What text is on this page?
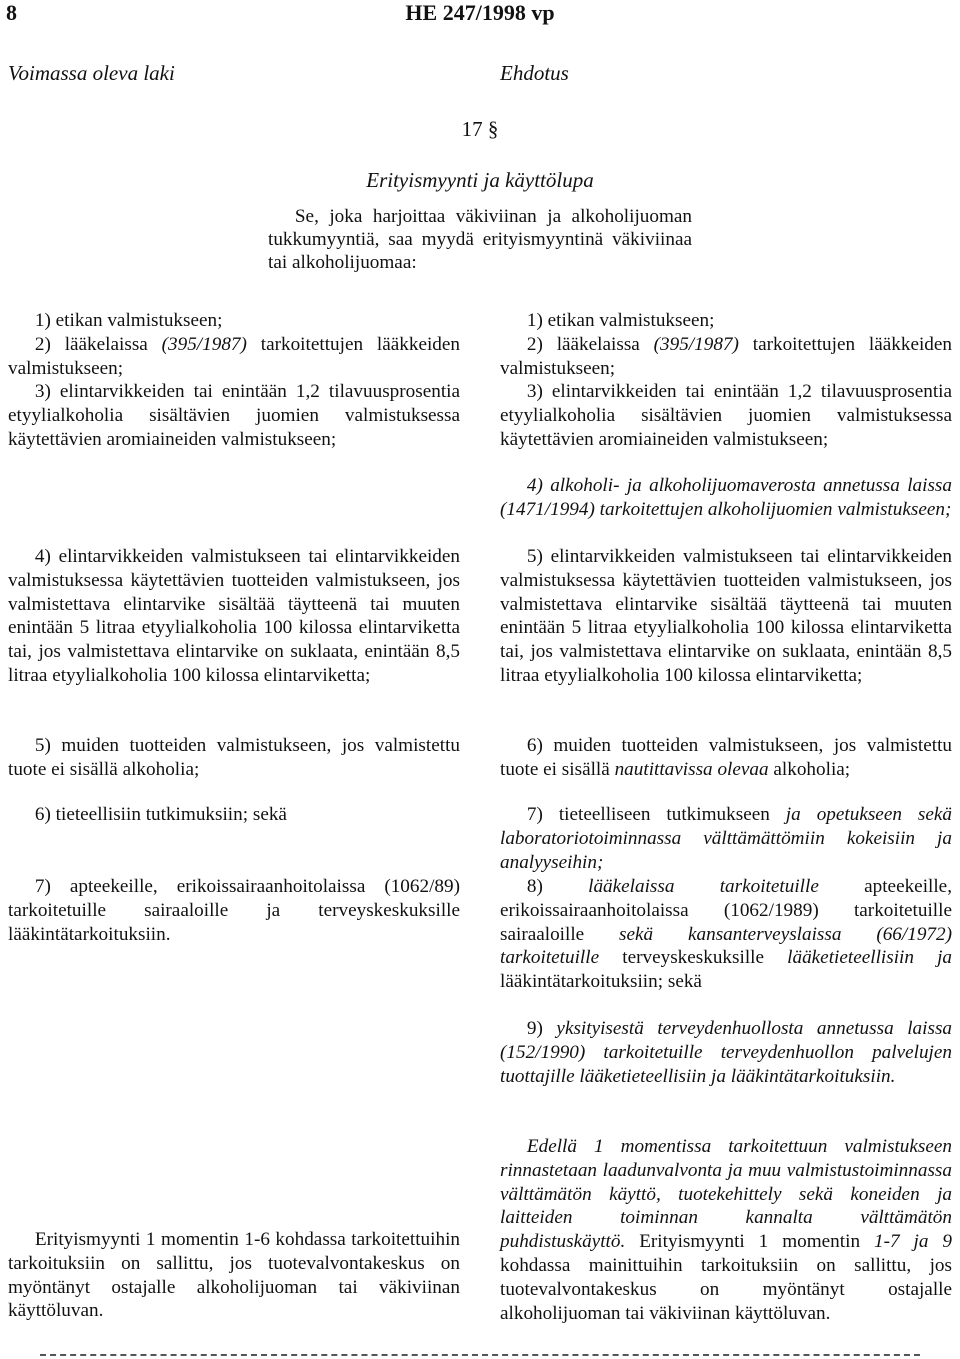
8	HE 247/1998 vp
Voimassa oleva laki	Ehdotus
17 §
Erityismyynti ja käyttölupa
Se, joka harjoittaa väkiviinan ja alkoholijuoman tukkumyyntiä, saa myydä erityismyyntinä väkiviinaa tai alkoholijuomaa:
1) etikan valmistukseen;
2) lääkelaissa (395/1987) tarkoitettujen lääkkeiden valmistukseen;
3) elintarvikkeiden tai enintään 1,2 tilavuusprosentia etyylialkoholia sisältävien juomien valmistuksessa käytettävien aromiaineiden valmistukseen;
4) elintarvikkeiden valmistukseen tai elintarvikkeiden valmistuksessa käytettävien tuotteiden valmistukseen, jos valmistettava elintarvike sisältää täytteenä tai muuten enintään 5 litraa etyylialkoholia 100 kilossa elintarviketta tai, jos valmistettava elintarvike on suklaata, enintään 8,5 litraa etyylialkoholia 100 kilossa elintarviketta;
5) muiden tuotteiden valmistukseen, jos valmistettu tuote ei sisällä alkoholia;
6) tieteellisiin tutkimuksiin; sekä
7) apteekeille, erikoissairaanhoitolaissa (1062/89) tarkoitetuille sairaaloille ja terveyskeskuksille lääkintätarkoituksiin.
Erityismyynti 1 momentin 1-6 kohdassa tarkoitettuihin tarkoituksiin on sallittu, jos tuotevalvontakeskus on myöntänyt ostajalle alkoholijuoman tai väkiviinan käyttöluvan.
1) etikan valmistukseen;
2) lääkelaissa (395/1987) tarkoitettujen lääkkeiden valmistukseen;
3) elintarvikkeiden tai enintään 1,2 tilavuusprosentia etyylialkoholia sisältävien juomien valmistuksessa käytettävien aromiaineiden valmistukseen;
4) alkoholi- ja alkoholijuomaverosta annetussa laissa (1471/1994) tarkoitettujen alkoholijuomien valmistukseen;
5) elintarvikkeiden valmistukseen tai elintarvikkeiden valmistuksessa käytettävien tuotteiden valmistukseen, jos valmistettava elintarvike sisältää täytteenä tai muuten enintään 5 litraa etyylialkoholia 100 kilossa elintarviketta tai, jos valmistettava elintarvike on suklaata, enintään 8,5 litraa etyylialkoholia 100 kilossa elintarviketta;
6) muiden tuotteiden valmistukseen, jos valmistettu tuote ei sisällä nautittavissa olevaa alkoholia;
7) tieteelliseen tutkimukseen ja opetukseen sekä laboratoriotoiminnassa välttämättömiin kokeisiin ja analyyseihin;
8) lääkelaissa tarkoitetuille apteekeille, erikoissairaanhoitolaissa (1062/1989) tarkoitetuille sairaaloille sekä kansanterveyslaissa (66/1972) tarkoitetuille terveyskeskuksille lääketieteellisiin ja lääkintätarkoituksiin; sekä
9) yksityisestä terveydenhuollosta annetussa laissa (152/1990) tarkoitetuille terveydenhuollon palvelujen tuottajille lääketieteellisiin ja lääkintätarkoituksiin.
Edellä 1 momentissa tarkoitettuun valmistukseen rinnastetaan laadunvalvonta ja muu valmistustoiminnassa välttämätön käyttö, tuotekehittely sekä koneiden ja laitteiden toiminnan kannalta välttämätön puhdistuskäyttö. Erityismyynti 1 momentin 1-7 ja 9 kohdassa mainittuihin tarkoituksiin on sallittu, jos tuotevalvontakeskus on myöntänyt ostajalle alkoholijuoman tai väkiviinan käyttöluvan.
